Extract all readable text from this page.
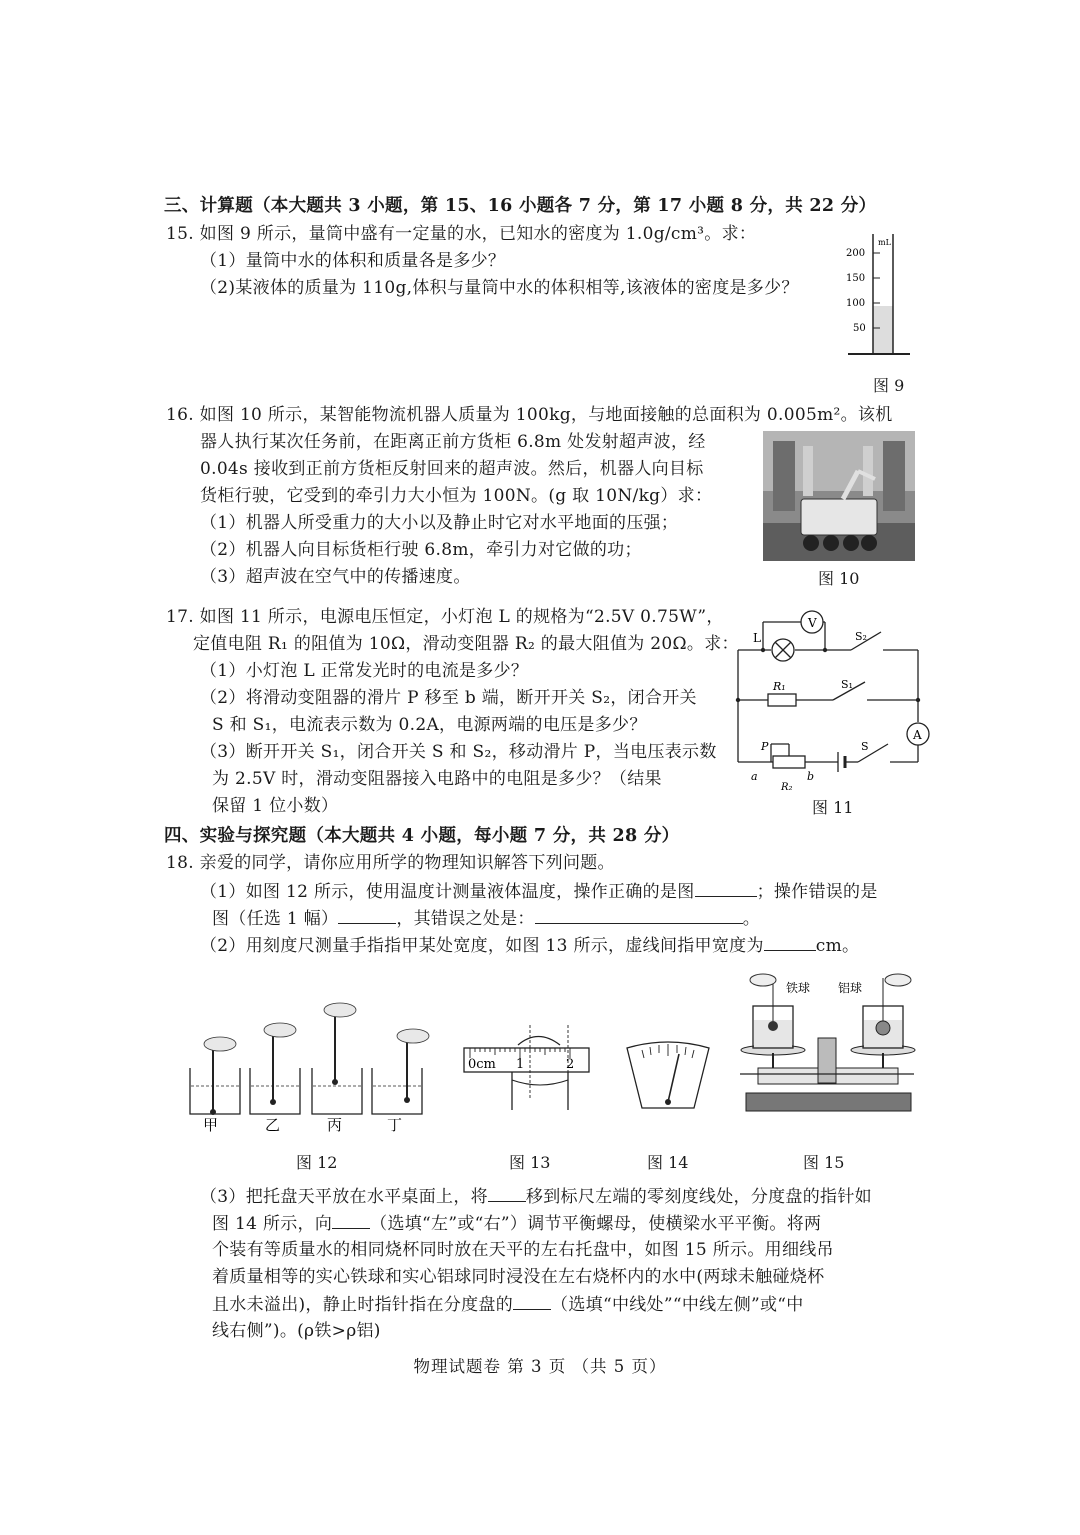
三、计算题（本大题共 3 小题，第 15、16 小题各 7 分，第 17 小题 8 分，共 22 分）
15. 如图 9 所示，量筒中盛有一定量的水，已知水的密度为 1.0g/cm³。求：
（1）量筒中水的体积和质量各是多少？
（2)某液体的质量为 110g,体积与量筒中水的体积相等,该液体的密度是多少？
mL
200
150
100
50
图 9
16. 如图 10 所示，某智能物流机器人质量为 100kg，与地面接触的总面积为 0.005m²。该机
器人执行某次任务前，在距离正前方货柜 6.8m 处发射超声波，经
0.04s 接收到正前方货柜反射回来的超声波。然后，机器人向目标
货柜行驶，它受到的牵引力大小恒为 100N。(g 取 10N/kg）求：
（1）机器人所受重力的大小以及静止时它对水平地面的压强；
（2）机器人向目标货柜行驶 6.8m，牵引力对它做的功；
（3）超声波在空气中的传播速度。	图 10
17. 如图 11 所示，电源电压恒定，小灯泡 L 的规格为“2.5V 0.75W”，
定值电阻 R₁ 的阻值为 10Ω，滑动变阻器 R₂ 的最大阻值为 20Ω。求：
（1）小灯泡 L 正常发光时的电流是多少？
（2）将滑动变阻器的滑片 P 移至 b 端，断开开关 S₂，闭合开关
S 和 S₁，电流表示数为 0.2A，电源两端的电压是多少？
（3）断开开关 S₁，闭合开关 S 和 S₂，移动滑片 P，当电压表示数
为 2.5V 时，滑动变阻器接入电路中的电阻是多少？（结果
保留 1 位小数）
V
L	S₂
R₁	S₁
A
P	S
a	b
R₂
图 11
四、实验与探究题（本大题共 4 小题，每小题 7 分，共 28 分）
18. 亲爱的同学，请你应用所学的物理知识解答下列问题。
（1）如图 12 所示，使用温度计测量液体温度，操作正确的是图	；操作错误的是
图（任选 1 幅）	，其错误之处是：	。
（2）用刻度尺测量手指指甲某处宽度，如图 13 所示，虚线间指甲宽度为	cm。
甲	乙	丙	丁
0cm 1	2
铁球 铝球
图 12	图 13	图 14	图 15
（3）把托盘天平放在水平桌面上，将 移到标尺左端的零刻度线处，分度盘的指针如
图 14 所示，向 （选填“左”或“右”）调节平衡螺母，使横梁水平平衡。将两
个装有等质量水的相同烧杯同时放在天平的左右托盘中，如图 15 所示。用细线吊
着质量相等的实心铁球和实心铝球同时浸没在左右烧杯内的水中(两球未触碰烧杯
且水未溢出)，静止时指针指在分度盘的 （选填“中线处”“中线左侧”或“中
线右侧”)。(ρ铁>ρ铝)
物理试题卷 第 3 页 （共 5 页）
